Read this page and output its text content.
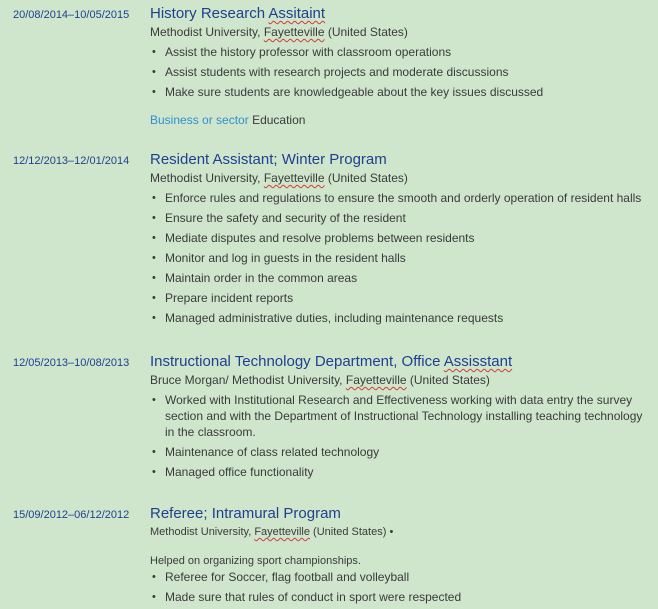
20/08/2014–10/05/2015 History Research Assitaint
Methodist University, Fayetteville (United States)
• Assist the history professor with classroom operations
• Assist students with research projects and moderate discussions
• Make sure students are knowledgeable about the key issues discussed
Business or sector Education
12/12/2013–12/01/2014 Resident Assistant; Winter Program
Methodist University, Fayetteville (United States)
• Enforce rules and regulations to ensure the smooth and orderly operation of resident halls
• Ensure the safety and security of the resident
• Mediate disputes and resolve problems between residents
• Monitor and log in guests in the resident halls
• Maintain order in the common areas
• Prepare incident reports
• Managed administrative duties, including maintenance requests
12/05/2013–10/08/2013 Instructional Technology Department, Office Assisstant
Bruce Morgan/ Methodist University, Fayetteville (United States)
• Worked with Institutional Research and Effectiveness working with data entry the survey section and with the Department of Instructional Technology installing teaching technology in the classroom.
• Maintenance of class related technology
• Managed office functionality
15/09/2012–06/12/2012 Referee; Intramural Program
Methodist University, Fayetteville (United States) •
Helped on organizing sport championships.
• Referee for Soccer, flag football and volleyball
• Made sure that rules of conduct in sport were respected
